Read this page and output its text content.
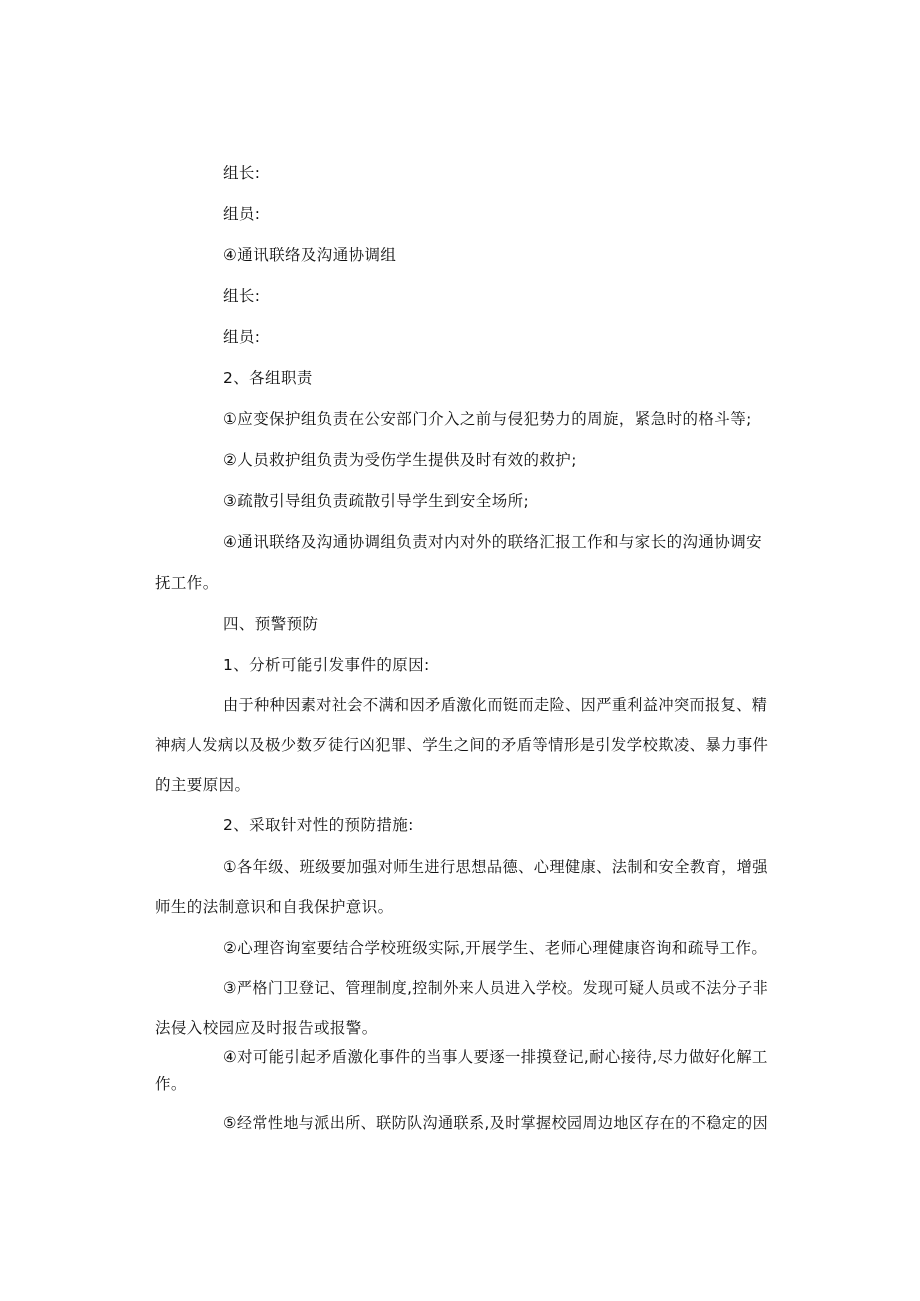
组长:

组员:

④通讯联络及沟通协调组

组长:

组员:

2、各组职责

①应变保护组负责在公安部门介入之前与侵犯势力的周旋，紧急时的格斗等;

②人员救护组负责为受伤学生提供及时有效的救护;

③疏散引导组负责疏散引导学生到安全场所;

④通讯联络及沟通协调组负责对内对外的联络汇报工作和与家长的沟通协调安

抚工作。

四、预警预防

1、分析可能引发事件的原因:

由于种种因素对社会不满和因矛盾激化而铤而走险、因严重利益冲突而报复、精

神病人发病以及极少数歹徒行凶犯罪、学生之间的矛盾等情形是引发学校欺凌、暴力事件

的主要原因。

2、采取针对性的预防措施:

①各年级、班级要加强对师生进行思想品德、心理健康、法制和安全教育，增强

师生的法制意识和自我保护意识。

②心理咨询室要结合学校班级实际,开展学生、老师心理健康咨询和疏导工作。

③严格门卫登记、管理制度,控制外来人员进入学校。发现可疑人员或不法分子非

法侵入校园应及时报告或报警。

④对可能引起矛盾激化事件的当事人要逐一排摸登记,耐心接待,尽力做好化解工

作。

⑤经常性地与派出所、联防队沟通联系,及时掌握校园周边地区存在的不稳定的因
